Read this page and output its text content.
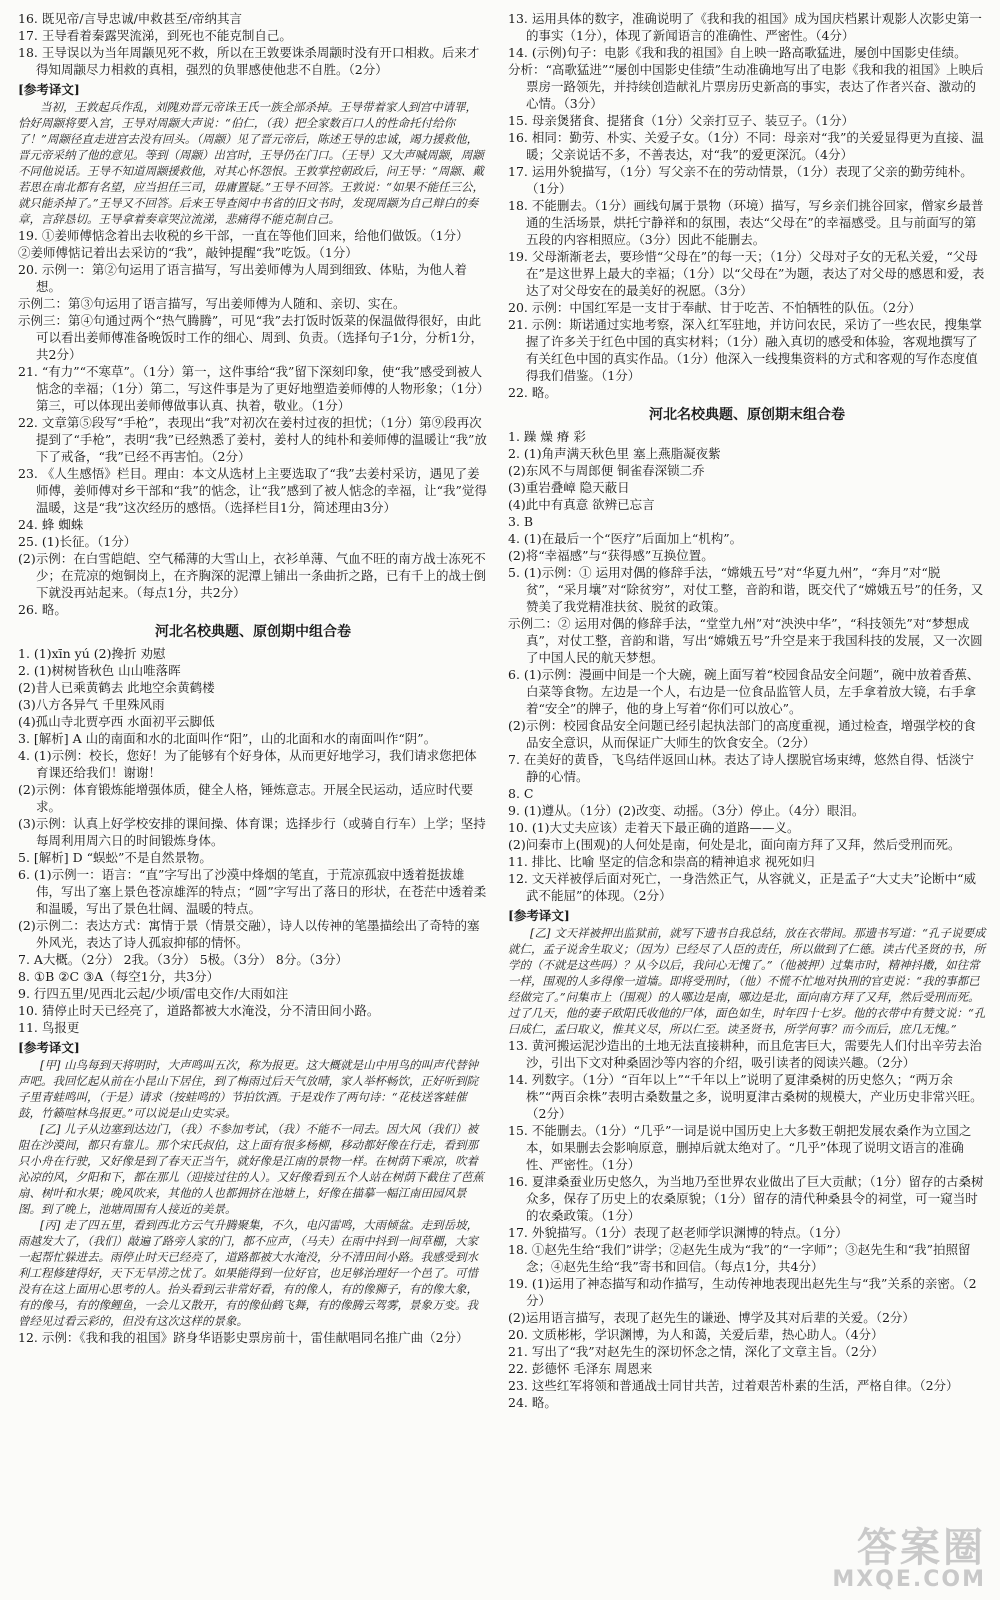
16. 既见帝/言导忠诚/申救甚至/帝纳其言
17. 王导看着秦露哭流涕，到死也不能克制自己。
18. 王导误以为当年周颛见死不救，所以在王敦要诛杀周颛时没有开口相救。后来才得知周颛尽力相救的真相，强烈的负罪感使他悲不自胜。（2分）
[参考译文]

当初，王敦起兵作乱，刘隗劝晋元帝诛王氏一族全部杀掉。王导带着家人到宫中请罪，恰好周颛将要入宫，王导对周颛大声说：“伯仁，（我）把全家数百口人的性命托付给你了！”周颛径直走进宫去没有回头。（周颛）见了晋元帝后，陈述王导的忠诚，竭力援救他，晋元帝采纳了他的意见。等到（周颛）出宫时，王导仍在门口。（王导）又大声喊周颛，周颛不同他说话。王导不知道周颛援救他，对其心怀怨恨。王敦掌控朝政后，问王导：“周颛、戴若思在南北都有名望，应当担任三司，毋庸置疑。”王导不回答。王敦说：“如果不能任三公，就只能杀掉了。”王导又不回答。后来王导查阅中书省的旧文书时，发现周颛为自己辩白的奏章，言辞恳切。王导拿着奏章哭泣流涕，悲痛得不能克制自己。

19. ①姜师傅惦念着出去收税的乡干部，一直在等他们回来，给他们做饭。（1分）
②姜师傅惦记着出去采访的“我”，敲钟提醒“我”吃饭。（1分）
20. 示例一：第②句运用了语言描写，写出姜师傅为人周到细致、体贴，为他人着想。
示例二：第③句运用了语言描写，写出姜师傅为人随和、亲切、实在。
示例三：第④句通过两个“热气腾腾”，可见“我”去打饭时饭菜的保温做得很好，由此可以看出姜师傅准备晚饭时工作的细心、周到、负责。（选择句子1分，分析1分，共2分）
21. “有力”“不寒草”。（1分）第一，这件事给“我”留下深刻印象，使“我”感受到被人惦念的幸福；（1分）第二，写这件事是为了更好地塑造姜师傅的人物形象；（1分）第三，可以体现出姜师傅做事认真、执着，敬业。（1分）
22. 文章第⑤段写“手枪”，表现出“我”对初次在姜村过夜的担忧；（1分）第⑨段再次提到了“手枪”，表明“我”已经熟悉了姜村，姜村人的纯朴和姜师傅的温暖让“我”放下了戒备，“我”已经不再害怕。（2分）
23. 《人生感悟》栏目。理由：本文从选材上主要选取了“我”去姜村采访，遇见了姜师傅，姜师傅对乡干部和“我”的惦念，让“我”感到了被人惦念的幸福，让“我”觉得温暖，这是“我”这次经历的感悟。（选择栏目1分，简述理由3分）
24. 蜂 蜘蛛
25. (1)长征。（1分）
(2)示例：在白雪皑皑、空气稀薄的大雪山上，衣衫单薄、气血不旺的南方战士冻死不少；在荒凉的炮铜岗上，在齐胸深的泥潭上铺出一条曲折之路，已有千上的战士倒下就没再站起来。（每点1分，共2分）
26. 略。
河北名校典题、原创期中组合卷
1. (1)xīn yú (2)搀折 劝慰
2. (1)树树皆秋色 山山唯落晖
(2)昔人已乘黄鹤去 此地空余黄鹤楼
(3)八方各异气 千里殊风雨
(4)孤山寺北贾亭西 水面初平云脚低
3. [解析] A 山的南面和水的北面叫作“阳”，山的北面和水的南面叫作“阴”。
4. (1)示例：校长，您好！为了能够有个好身体，从而更好地学习，我们请求您把体育课还给我们！谢谢！
(2)示例：体育锻炼能增强体质，健全人格，锤炼意志。开展全民运动，适应时代要求。
(3)示例：认真上好学校安排的课间操、体育课；选择步行（或骑自行车）上学；坚持每周利用周六日的时间锻炼身体。
5. [解析] D “蜈蚣”不是自然景物。
6. (1)示例一：语言：“直”字写出了沙漠中烽烟的笔直，于荒凉孤寂中透着挺拔雄伟，写出了塞上景色苍凉雄浑的特点；“圆”字写出了落日的形状，在苍茫中透着柔和温暖，写出了景色壮阔、温暖的特点。
(2)示例二：表达方式：寓情于景（情景交融），诗人以传神的笔墨描绘出了奇特的塞外风光，表达了诗人孤寂抑郁的情怀。
7. A大概。（2分） 2我。（3分） 5极。（3分） 8分。（3分）
8. ①B ②C ③A（每空1分，共3分）
9. 行四五里/见西北云起/少顷/雷电交作/大雨如注
10. 猜停止时天已经亮了，道路都被大水淹没，分不清田间小路。
11. 鸟报更
[参考译文]
[甲] 山鸟每到天将明时，大声鸣叫五次，称为报更。这大概就是山中用鸟的叫声代替钟声吧。我回忆起从前在小昆山下居住，到了梅雨过后天气放晴，家人举杯畅饮，正好听到院子里青蛙鸣叫，（于是）请求（按蛙鸣的）节拍饮酒。于是戏作了两句诗：“花枝送客蛙催鼓，竹籁喧林鸟报更。”可以说是山史实录。
[乙] 儿子从边塞到达边门，（我）不参加考试，（我）不能不一同去。因大风（我们）被阻在沙漠间，都只有靠儿。那个宋氏叔伯，这上面有很多杨柳，移动都好像在行走，看到那只小舟在行驶，又好像是到了春天正当午，就好像是江南的景物一样。在树荫下乘凉，吹着沁凉的风，夕阳和下，都在那儿（迎接过往的人）。又好像看到五个人站在树荫下截住了芭蕉扇、树叶和水果；晚风吹来，其他的人也都拥挤在池塘上，好像在描摹一幅江南田园风景图。到了晚上，池塘周围有人接近的美景。
[丙] 走了四五里，看到西北方云气升腾聚集，不久，电闪雷鸣，大雨倾盆。走到岳坡，雨越发大了，（我们）敲遍了路旁人家的门，都不应声，（马夫）在雨中抖到一间草棚，大家一起帮忙躲进去。雨停止时天已经亮了，道路都被大水淹没，分不清田间小路。我感受到水利工程修建得好，天下无旱涝之忧了。如果能得到一位好官，也足够治理好一个邑了。可惜没有在这上面用心思考的人。抬头看到云非常好看，有的像人，有的像狮子，有的像大象，有的像马，有的像鲤鱼，一会儿又散开，有的像仙鹤飞舞，有的像腾云驾雾，景象万变。我曾经见过看云彩的，但没有这次这样的景象。
12. 示例：《我和我的祖国》跻身华语影史票房前十，雷佳献唱同名推广曲（2分）
13. 运用具体的数字，准确说明了《我和我的祖国》成为国庆档累计观影人次影史第一的事实（1分），体现了新闻语言的准确性、严密性。（4分）
14. (示例)句子：电影《我和我的祖国》自上映一路高歌猛进，屡创中国影史佳绩。
分析：“高歌猛进”“屡创中国影史佳绩”生动准确地写出了电影《我和我的祖国》上映后票房一路领先，并持续创造献礼片票房历史新高的事实，表达了作者兴奋、激动的心情。（3分）
15. 母亲煲猪食、提猪食（1分）父亲打豆子、装豆子。（1分）
16. 相同：勤劳、朴实、关爱子女。（1分）不同：母亲对“我”的关爱显得更为直接、温暖；父亲说话不多，不善表达，对“我”的爱更深沉。（4分）
17. 运用外貌描写，（1分）写父亲不在的劳动情景，（1分）表现了父亲的勤劳纯朴。（1分）
18. 不能删去。（1分）画线句属于景物（环境）描写，写乡亲们挑谷回家，僧家乡最普通的生活场景，烘托宁静祥和的氛围，表达“父母在”的幸福感受。且与前面写的第五段的内容相照应。（3分）因此不能删去。
19. 父母渐渐老去，要珍惜“父母在”的每一天；（1分）父母对子女的无私关爱，“父母在”是这世界上最大的幸福；（1分）以“父母在”为题，表达了对父母的感恩和爱，表达了对父母安在的最美好的祝愿。（3分）
20. 示例：中国红军是一支甘于奉献、甘于吃苦、不怕牺牲的队伍。（2分）
21. 示例：斯诺通过实地考察，深入红军驻地，并访问农民，采访了一些农民，搜集掌握了许多关于红色中国的真实材料；（1分）融入真切的感受和体验，客观地撰写了有关红色中国的真实作品。（1分）他深入一线搜集资料的方式和客观的写作态度值得我们借鉴。（1分）
22. 略。
河北名校典题、原创期末组合卷
1. 躁 燥 瘠 彩
2. (1)角声满天秋色里 塞上燕脂凝夜紫
(2)东风不与周郎便 铜雀春深锁二乔
(3)重岩叠嶂 隐天蔽日
(4)此中有真意 欲辨已忘言
3. B
4. (1)在最后一个“医疗”后面加上“机构”。
(2)将“幸福感”与“获得感”互换位置。
5. (1)示例：① 运用对偶的修辞手法，“嫦娥五号”对“华夏九州”，“奔月”对“脱贫”，“采月壤”对“除贫穷”，对仗工整，音韵和谐，既交代了“嫦娥五号”的任务，又赞美了我党精准扶贫、脱贫的政策。
示例二：② 运用对偶的修辞手法，“堂堂九州”对“泱泱中华”，“科技领先”对“梦想成真”，对仗工整，音韵和谐，写出“嫦娥五号”升空是来于我国科技的发展，又一次圆了中国人民的航天梦想。
6. (1)示例：漫画中间是一个大碗，碗上面写着“校园食品安全问题”，碗中放着香蕉、白菜等食物。左边是一个人，右边是一位食品监管人员，左手拿着放大镜，右手拿着“安全”的牌子，他的身上写着“你们可以放心”。
(2)示例：校园食品安全问题已经引起执法部门的高度重视，通过检查，增强学校的食品安全意识，从而保证广大师生的饮食安全。（2分）
7. 在美好的黄昏，飞鸟结伴返回山林。表达了诗人摆脱官场束缚，悠然自得、恬淡宁静的心情。
8. C
9. (1)遵从。（1分）(2)改变、动摇。（3分）停止。（4分）眼泪。
10. (1)大丈夫应该）走着天下最正确的道路——义。
(2)问秦市上(围观)的人何处是南，何处是北，面向南方拜了又拜，然后受刑而死。
11. 排比、比喻 坚定的信念和崇高的精神追求 视死如归
12. 文天祥被俘后面对死亡，一身浩然正气，从容就义，正是孟子“大丈夫”论断中“威武不能屈”的体现。（2分）
[参考译文]

[乙] 文天祥被押出监狱前，就写下遗书自我总结，放在衣带间。那遗书写道：“孔子说要成就仁，孟子说舍生取义；（因为）已经尽了人臣的责任，所以做到了仁德。读古代圣贤的书，所学的（不就是这些吗）？从今以后，我问心无愧了。”（他被押）过集市时，精神抖擞，如往常一样，围观的人多得像一道墙。即将受刑时，（他）不慌不忙地对执刑的官吏说：“我的事都已经做完了。”问集市上（围观）的人哪边是南，哪边是北，面向南方拜了又拜，然后受刑而死。过了几天，他的妻子欧阳氏收他的尸体，面色如生，时年四十七岁。他的衣带中有赞文说：“孔曰成仁，孟曰取义，惟其义尽，所以仁至。读圣贤书，所学何事？而今而后，庶几无愧。”

13. 黄河搬运泥沙造出的土地无法直接耕种，而且危害巨大，需要先人们付出辛劳去治沙，引出下文对种桑固沙等内容的介绍，吸引读者的阅读兴趣。（2分）
14. 列数字。（1分）“百年以上”“千年以上”说明了夏津桑树的历史悠久；“两万余株”“两百余株”表明古桑数量之多，说明夏津古桑树的规模大，产业历史非常兴旺。（2分）
15. 不能删去。（1分）“几乎”一词是说中国历史上大多数王朝把发展农桑作为立国之本，如果删去会影响原意，删掉后就太绝对了。“几乎”体现了说明文语言的准确性、严密性。（1分）
16. 夏津桑蚕业历史悠久，为当地乃至世界农业做出了巨大贡献；（1分）留存的古桑树众多，保存了历史上的农桑原貌；（1分）留存的清代种桑县令的祠堂，可一窥当时的农桑政策。（1分）
17. 外貌描写。（1分）表现了赵老师学识渊博的特点。（1分）
18. ①赵先生给“我们”讲学；②赵先生成为“我”的“一字师”；③赵先生和“我”拍照留念；④赵先生给“我”寄书和回信。（每点1分，共4分）
19. (1)运用了神态描写和动作描写，生动传神地表现出赵先生与“我”关系的亲密。（2分）
(2)运用语言描写，表现了赵先生的谦逊、博学及其对后辈的关爱。（2分）
20. 文质彬彬，学识渊博，为人和蔼，关爱后辈，热心助人。（4分）
21. 写出了“我”对赵先生的深切怀念之情，深化了文章主旨。（2分）
22. 彭德怀 毛泽东 周恩来
23. 这些红军将领和普通战士同甘共苦，过着艰苦朴素的生活，严格自律。（2分）
24. 略。
答案圈
MXQE.COM
